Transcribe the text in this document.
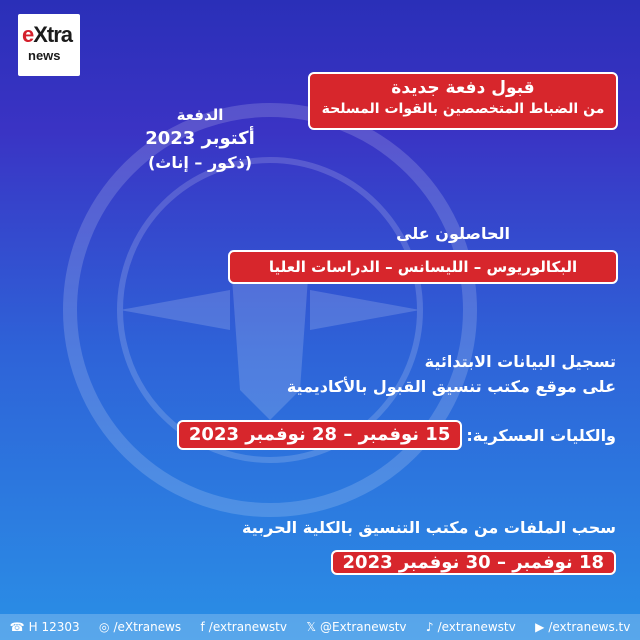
eXtra
news
قبول دفعة جديدة
من الضباط المتخصصين بالقوات المسلحة
الدفعة
أكتوبر 2023
(ذكور – إناث)
الحاصلون على
البكالوريوس – الليسانس – الدراسات العليا
تسجيل البيانات الابتدائية
على موقع مكتب تنسيق القبول بالأكاديمية
والكليات العسكرية:
15 نوفمبر – 28 نوفمبر 2023
سحب الملفات من مكتب التنسيق بالكلية الحربية
18 نوفمبر – 30 نوفمبر 2023
☎ H 12303 ◎ /eXtranews f /extranewstv 𝕏 @Extranewstv ♪ /extranewstv ▶ /extranews.tv
